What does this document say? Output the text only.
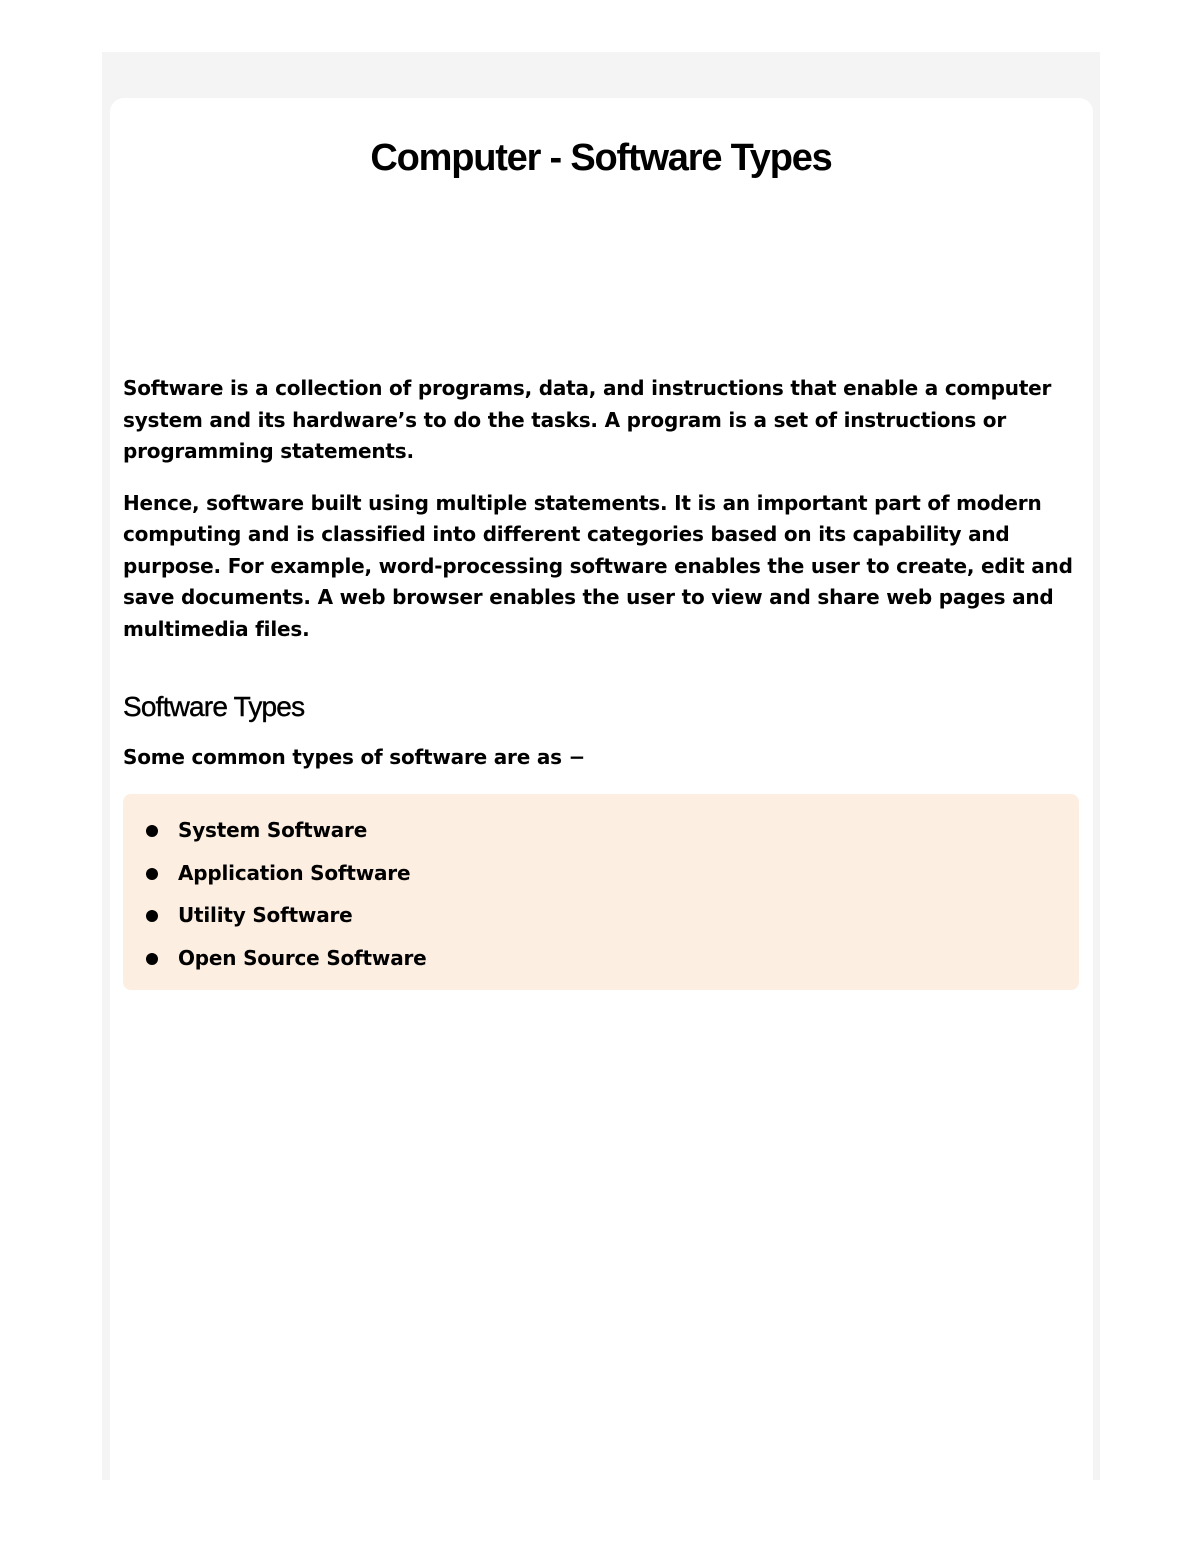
Computer - Software Types

Software is a collection of programs, data, and instructions that enable a computer system and its hardware’s to do the tasks. A program is a set of instructions or programming statements.

Hence, software built using multiple statements. It is an important part of modern computing and is classified into different categories based on its capability and purpose. For example, word-processing software enables the user to create, edit and save documents. A web browser enables the user to view and share web pages and multimedia files.

Software Types

Some common types of software are as −

System Software
Application Software
Utility Software
Open Source Software
